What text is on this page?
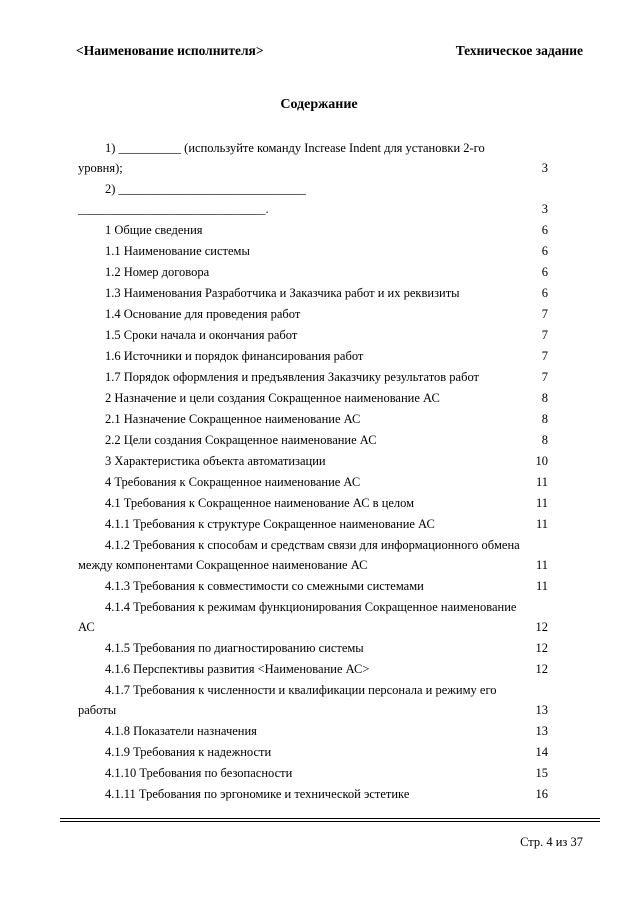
<Наименование исполнителя>	Техническое задание
Содержание
1) __________ (используйте команду Increase Indent для установки 2-го
уровня);	3
2) ______________________________
______________________________.	3
1 Общие сведения	6
1.1 Наименование системы	6
1.2 Номер договора	6
1.3 Наименования Разработчика и Заказчика работ и их реквизиты	6
1.4 Основание для проведения работ	7
1.5 Сроки начала и окончания работ	7
1.6 Источники и порядок финансирования работ	7
1.7 Порядок оформления и предъявления Заказчику результатов работ	7
2 Назначение и цели создания Сокращенное наименование АС	8
2.1 Назначение Сокращенное наименование АС	8
2.2 Цели создания Сокращенное наименование АС	8
3 Характеристика объекта автоматизации	10
4 Требования к Сокращенное наименование АС	11
4.1 Требования к Сокращенное наименование АС в целом	11
4.1.1 Требования к структуре Сокращенное наименование АС	11
4.1.2 Требования к способам и средствам связи для информационного обмена
между компонентами Сокращенное наименование АС	11
4.1.3 Требования к совместимости со смежными системами	11
4.1.4 Требования к режимам функционирования Сокращенное наименование
АС	12
4.1.5 Требования по диагностированию системы	12
4.1.6 Перспективы развития <Наименование АС>	12
4.1.7 Требования к численности и квалификации персонала и режиму его
работы	13
4.1.8 Показатели назначения	13
4.1.9 Требования к надежности	14
4.1.10 Требования по безопасности	15
4.1.11 Требования по эргономике и технической эстетике	16
Стр. 4 из 37
